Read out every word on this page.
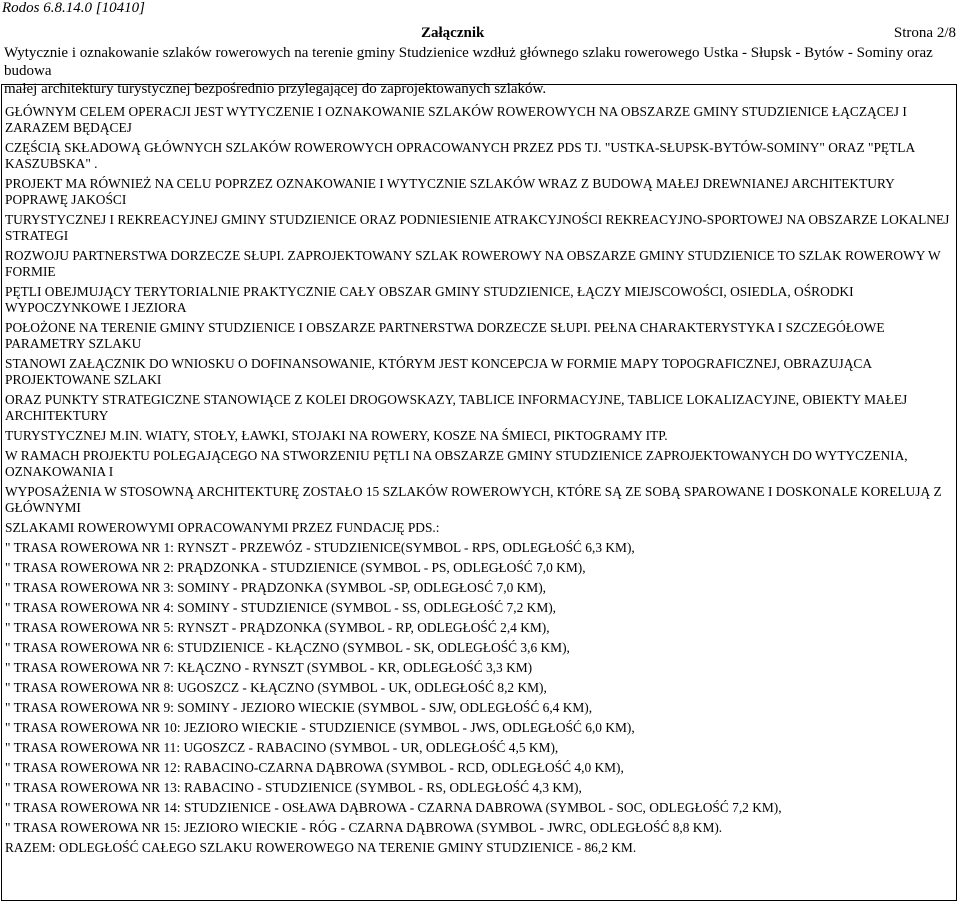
Rodos 6.8.14.0 [10410]
Załącznik	Strona 2/8
Wytycznie i oznakowanie szlaków rowerowych na terenie gminy Studzienice wzdłuż głównego szlaku rowerowego Ustka - Słupsk - Bytów - Sominy oraz budowa
małej architektury turystycznej bezpośrednio przylegającej do zaprojektowanych szlaków.

GŁÓWNYM CELEM OPERACJI JEST WYTYCZENIE I OZNAKOWANIE SZLAKÓW ROWEROWYCH NA OBSZARZE GMINY STUDZIENICE ŁĄCZĄCEJ I ZARAZEM BĘDĄCEJ

CZĘŚCIĄ SKŁADOWĄ GŁÓWNYCH SZLAKÓW ROWEROWYCH OPRACOWANYCH PRZEZ PDS TJ. "USTKA-SŁUPSK-BYTÓW-SOMINY" ORAZ "PĘTLA KASZUBSKA" .

PROJEKT MA RÓWNIEŻ NA CELU POPRZEZ OZNAKOWANIE I WYTYCZNIE SZLAKÓW WRAZ Z BUDOWĄ MAŁEJ DREWNIANEJ ARCHITEKTURY POPRAWĘ JAKOŚCI

TURYSTYCZNEJ I REKREACYJNEJ GMINY STUDZIENICE ORAZ PODNIESIENIE ATRAKCYJNOŚCI REKREACYJNO-SPORTOWEJ NA OBSZARZE LOKALNEJ STRATEGI

ROZWOJU PARTNERSTWA DORZECZE SŁUPI. ZAPROJEKTOWANY SZLAK ROWEROWY NA OBSZARZE GMINY STUDZIENICE TO SZLAK ROWEROWY W FORMIE

PĘTLI OBEJMUJĄCY TERYTORIALNIE PRAKTYCZNIE CAŁY OBSZAR GMINY STUDZIENICE, ŁĄCZY MIEJSCOWOŚCI, OSIEDLA, OŚRODKI WYPOCZYNKOWE I JEZIORA

POŁOŻONE NA TERENIE GMINY STUDZIENICE I OBSZARZE PARTNERSTWA DORZECZE SŁUPI. PEŁNA CHARAKTERYSTYKA I SZCZEGÓŁOWE PARAMETRY SZLAKU

STANOWI ZAŁĄCZNIK DO WNIOSKU O DOFINANSOWANIE, KTÓRYM JEST KONCEPCJA W FORMIE MAPY TOPOGRAFICZNEJ, OBRAZUJĄCA PROJEKTOWANE SZLAKI

ORAZ PUNKTY STRATEGICZNE STANOWIĄCE Z KOLEI DROGOWSKAZY, TABLICE INFORMACYJNE, TABLICE LOKALIZACYJNE, OBIEKTY MAŁEJ ARCHITEKTURY

TURYSTYCZNEJ M.IN. WIATY, STOŁY, ŁAWKI, STOJAKI NA ROWERY, KOSZE NA ŚMIECI, PIKTOGRAMY ITP.

W RAMACH PROJEKTU POLEGAJĄCEGO NA STWORZENIU PĘTLI NA OBSZARZE GMINY STUDZIENICE ZAPROJEKTOWANYCH DO WYTYCZENIA, OZNAKOWANIA I

WYPOSAŻENIA W STOSOWNĄ ARCHITEKTURĘ ZOSTAŁO 15 SZLAKÓW ROWEROWYCH, KTÓRE SĄ ZE SOBĄ SPAROWANE I DOSKONALE KORELUJĄ Z GŁÓWNYMI

SZLAKAMI ROWEROWYMI OPRACOWANYMI PRZEZ FUNDACJĘ PDS.:

" TRASA ROWEROWA NR 1: RYNSZT - PRZEWÓZ - STUDZIENICE(SYMBOL - RPS, ODLEGŁOŚĆ 6,3 KM),

" TRASA ROWEROWA NR 2: PRĄDZONKA - STUDZIENICE (SYMBOL - PS, ODLEGŁOŚĆ 7,0 KM),

" TRASA ROWEROWA NR 3: SOMINY - PRĄDZONKA (SYMBOL -SP, ODLEGŁOSĆ 7,0 KM),

" TRASA ROWEROWA NR 4: SOMINY - STUDZIENICE (SYMBOL - SS, ODLEGŁOŚĆ 7,2 KM),

" TRASA ROWEROWA NR 5: RYNSZT - PRĄDZONKA (SYMBOL - RP, ODLEGŁOŚĆ 2,4 KM),

" TRASA ROWEROWA NR 6: STUDZIENICE - KŁĄCZNO (SYMBOL - SK, ODLEGŁOŚĆ 3,6 KM),

" TRASA ROWEROWA NR 7: KŁĄCZNO - RYNSZT (SYMBOL - KR, ODLEGŁOŚĆ 3,3 KM)

" TRASA ROWEROWA NR 8: UGOSZCZ - KŁĄCZNO (SYMBOL - UK, ODLEGŁOŚĆ 8,2 KM),

" TRASA ROWEROWA NR 9: SOMINY - JEZIORO WIECKIE (SYMBOL - SJW, ODLEGŁOŚĆ 6,4 KM),

" TRASA ROWEROWA NR 10: JEZIORO WIECKIE - STUDZIENICE (SYMBOL - JWS, ODLEGŁOŚĆ 6,0 KM),

" TRASA ROWEROWA NR 11: UGOSZCZ - RABACINO (SYMBOL - UR, ODLEGŁOŚĆ 4,5 KM),

" TRASA ROWEROWA NR 12: RABACINO-CZARNA DĄBROWA (SYMBOL - RCD, ODLEGŁOŚĆ 4,0 KM),

" TRASA ROWEROWA NR 13: RABACINO - STUDZIENICE (SYMBOL - RS, ODLEGŁOŚĆ 4,3 KM),

" TRASA ROWEROWA NR 14: STUDZIENICE - OSŁAWA DĄBROWA - CZARNA DABROWA (SYMBOL - SOC, ODLEGŁOŚĆ 7,2 KM),

" TRASA ROWEROWA NR 15: JEZIORO WIECKIE - RÓG - CZARNA DĄBROWA (SYMBOL - JWRC, ODLEGŁOŚĆ 8,8 KM).

RAZEM: ODLEGŁOŚĆ CAŁEGO SZLAKU ROWEROWEGO NA TERENIE GMINY STUDZIENICE - 86,2 KM.
